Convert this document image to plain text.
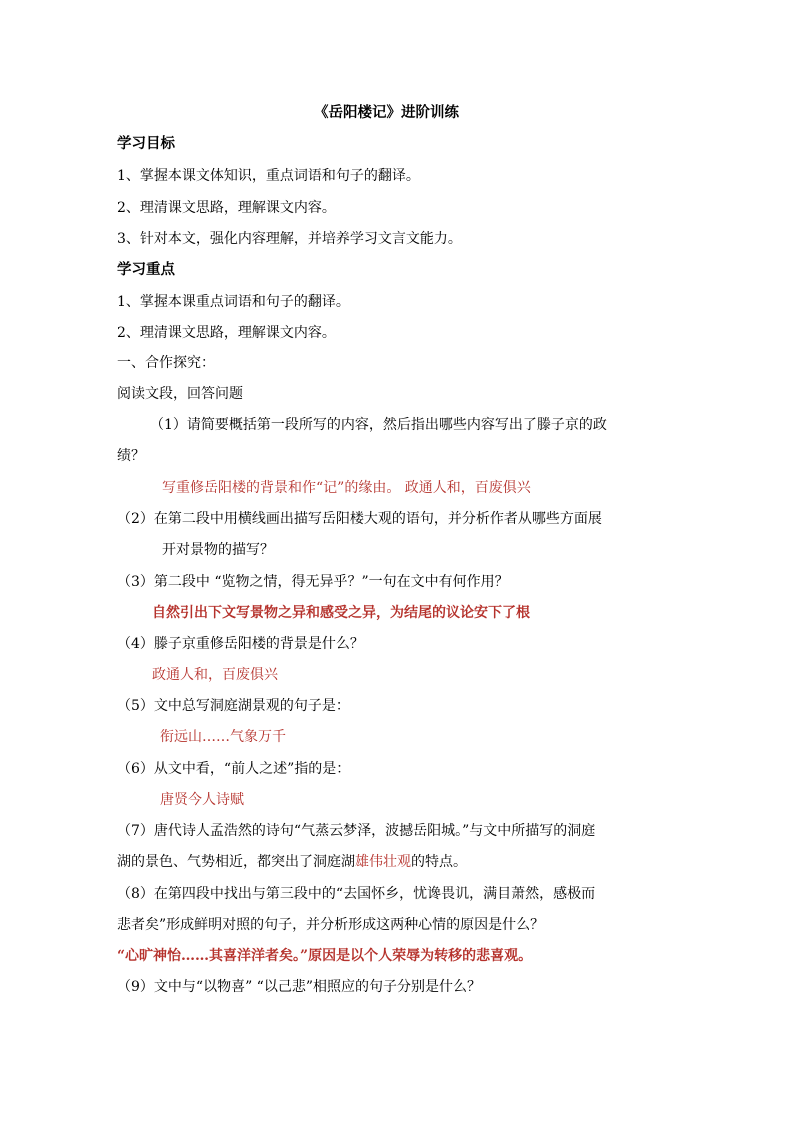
《岳阳楼记》进阶训练
学习目标
1、掌握本课文体知识，重点词语和句子的翻译。
2、理清课文思路，理解课文内容。
3、针对本文，强化内容理解，并培养学习文言文能力。
学习重点
1、掌握本课重点词语和句子的翻译。
2、理清课文思路，理解课文内容。
一、合作探究：
阅读文段，回答问题
（1）请简要概括第一段所写的内容，然后指出哪些内容写出了滕子京的政
绩？
写重修岳阳楼的背景和作“记”的缘由。 政通人和，百废俱兴
（2）在第二段中用横线画出描写岳阳楼大观的语句，并分析作者从哪些方面展
开对景物的描写？
（3）第二段中 “览物之情，得无异乎？”一句在文中有何作用？
自然引出下文写景物之异和感受之异，为结尾的议论安下了根
（4）滕子京重修岳阳楼的背景是什么？
政通人和，百废俱兴
（5）文中总写洞庭湖景观的句子是：
衔远山……气象万千
（6）从文中看，“前人之述”指的是：
唐贤今人诗赋
（7）唐代诗人孟浩然的诗句“气蒸云梦泽，波撼岳阳城。”与文中所描写的洞庭
湖的景色、气势相近，都突出了洞庭湖雄伟壮观的特点。
（8）在第四段中找出与第三段中的“去国怀乡，忧谗畏讥，满目萧然，感极而
悲者矣”形成鲜明对照的句子，并分析形成这两种心情的原因是什么？
“心旷神怡……其喜洋洋者矣。”原因是以个人荣辱为转移的悲喜观。
（9）文中与“以物喜” “以己悲”相照应的句子分别是什么？
